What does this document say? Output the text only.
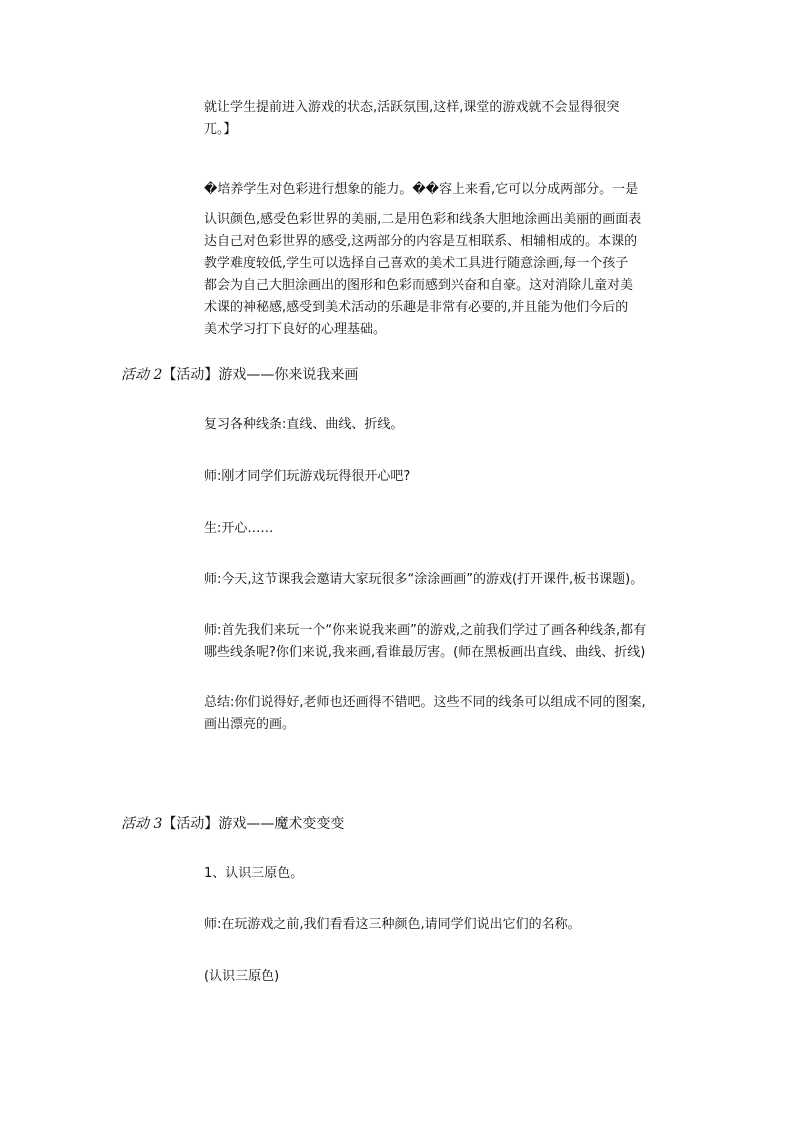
就让学生提前进入游戏的状态,活跃氛围,这样,课堂的游戏就不会显得很突

兀。】

�培养学生对色彩进行想象的能力。��容上来看,它可以分成两部分。一是

认识颜色,感受色彩世界的美丽,二是用色彩和线条大胆地涂画出美丽的画面表

达自己对色彩世界的感受,这两部分的内容是互相联系、相辅相成的。本课的

教学难度较低,学生可以选择自己喜欢的美术工具进行随意涂画,每一个孩子

都会为自己大胆涂画出的图形和色彩而感到兴奋和自豪。这对消除儿童对美

术课的神秘感,感受到美术活动的乐趣是非常有必要的,并且能为他们今后的

美术学习打下良好的心理基础。

活动 2【活动】游戏——你来说我来画

复习各种线条:直线、曲线、折线。

师:刚才同学们玩游戏玩得很开心吧?

生:开心……

师:今天,这节课我会邀请大家玩很多“涂涂画画”的游戏(打开课件,板书课题)。

师:首先我们来玩一个“你来说我来画”的游戏,之前我们学过了画各种线条,都有

哪些线条呢?你们来说,我来画,看谁最厉害。(师在黑板画出直线、曲线、折线)

总结:你们说得好,老师也还画得不错吧。这些不同的线条可以组成不同的图案,

画出漂亮的画。

活动 3【活动】游戏——魔术变变变

1、认识三原色。

师:在玩游戏之前,我们看看这三种颜色,请同学们说出它们的名称。

(认识三原色)
